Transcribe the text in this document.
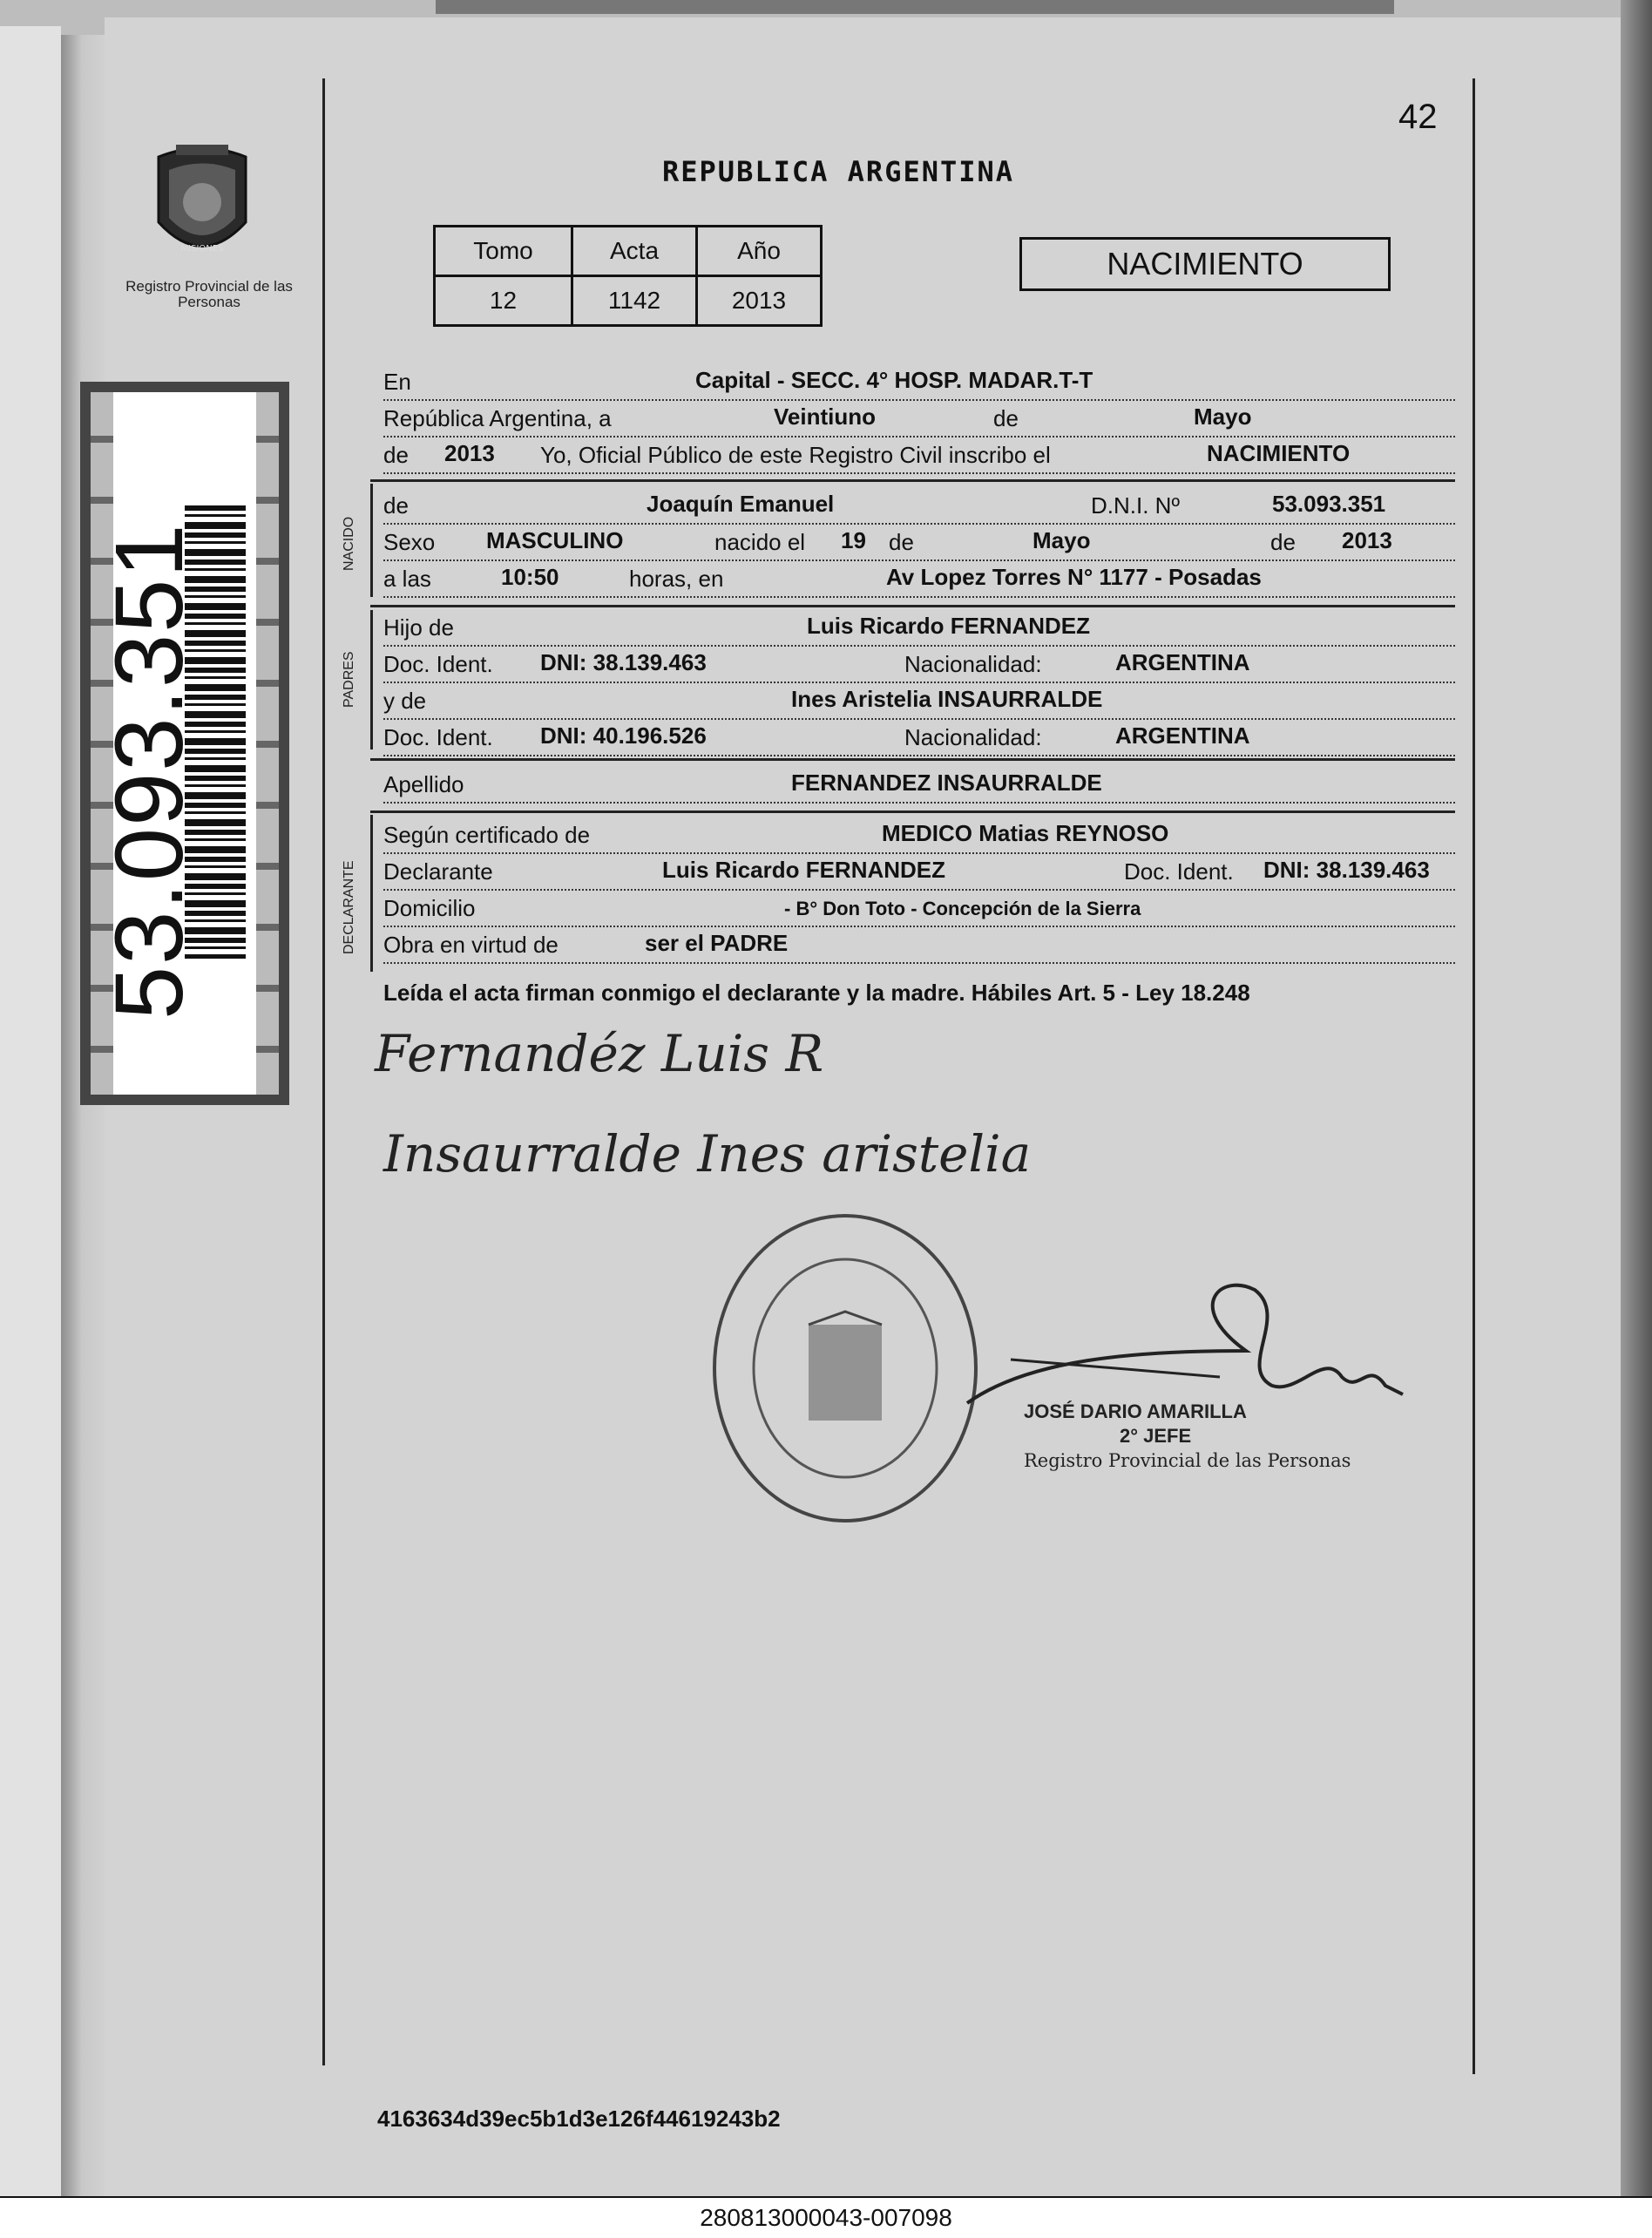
MISIONES
Registro Provincial de las Personas
53.093.351
42
REPUBLICA ARGENTINA
Tomo	Acta	Año
12	1142	2013
NACIMIENTO
En	Capital - SECC. 4° HOSP. MADAR.T-T
República Argentina, a	Veintiuno	de	Mayo
de 2013 Yo, Oficial Público de este Registro Civil inscribo el	NACIMIENTO
NACIDO
de	Joaquín Emanuel	D.N.I. Nº	53.093.351
Sexo MASCULINO	nacido el 19 de	Mayo	de 2013
a las	10:50	horas, en	Av Lopez Torres N° 1177 - Posadas
PADRES
Hijo de	Luis Ricardo FERNANDEZ
Doc. Ident. DNI: 38.139.463	Nacionalidad:	ARGENTINA
y de	Ines Aristelia INSAURRALDE
Doc. Ident. DNI: 40.196.526	Nacionalidad:	ARGENTINA
Apellido	FERNANDEZ INSAURRALDE
DECLARANTE
Según certificado de	MEDICO Matias REYNOSO
Declarante	Luis Ricardo FERNANDEZ	Doc. Ident. DNI: 38.139.463
Domicilio	- B° Don Toto - Concepción de la Sierra
Obra en virtud de	ser el PADRE
Leída el acta firman conmigo el declarante y la madre. Hábiles Art. 5 - Ley 18.248
Fernandéz Luis R
Insaurralde Ines aristelia
JOSÉ DARIO AMARILLA
2° JEFE
Registro Provincial de las Personas
4163634d39ec5b1d3e126f44619243b2
280813000043-007098
